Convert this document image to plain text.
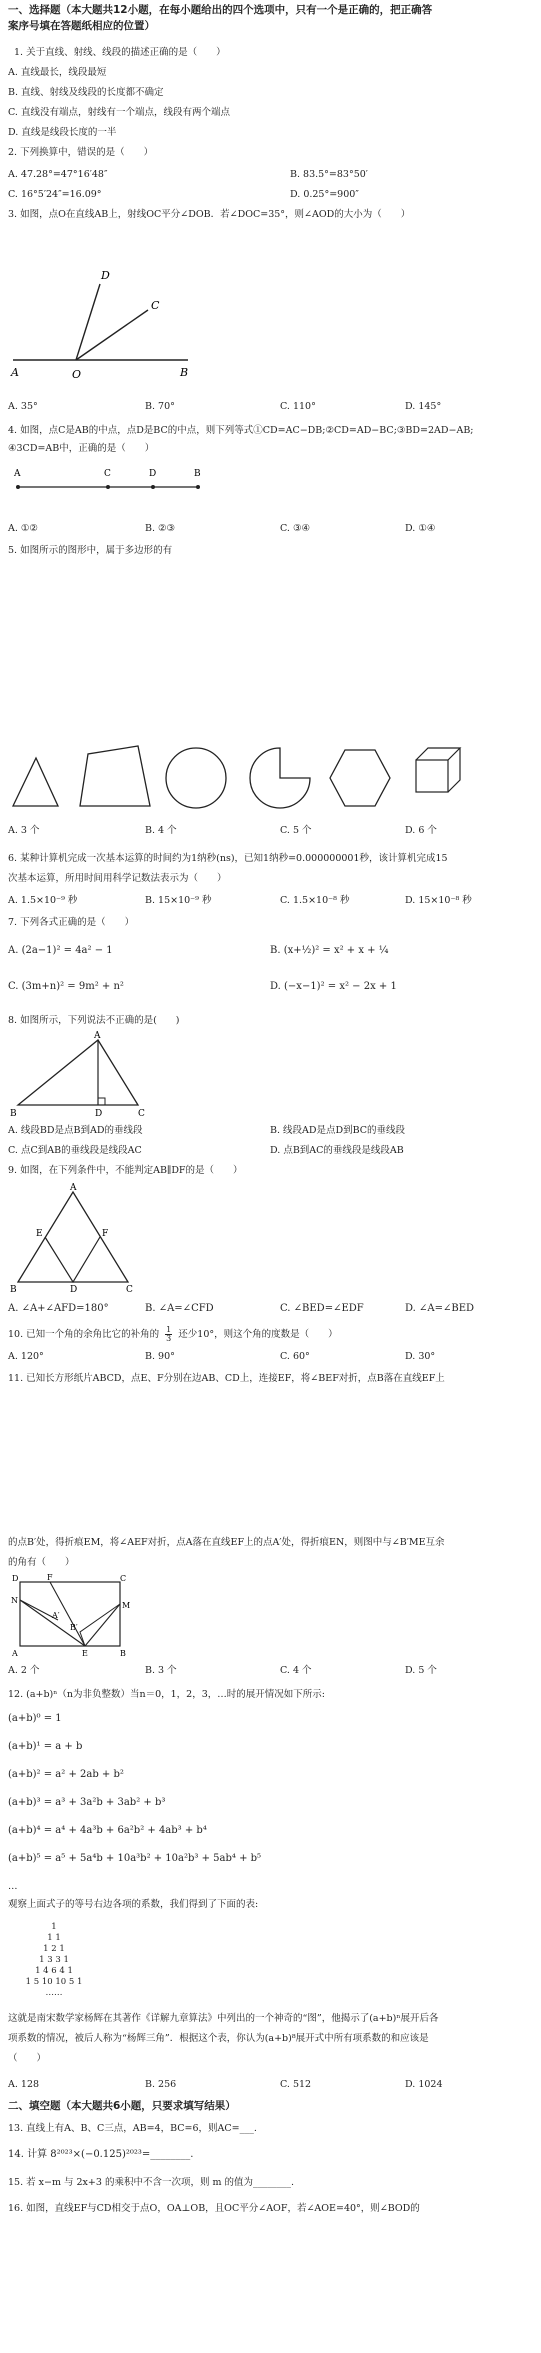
一、选择题（本大题共12小题，在每小题给出的四个选项中，只有一个是正确的，把正确答
案序号填在答题纸相应的位置）
1. 关于直线、射线、线段的描述正确的是（　　）
A. 直线最长，线段最短
B. 直线、射线及线段的长度都不确定
C. 直线没有端点，射线有一个端点，线段有两个端点
D. 直线是线段长度的一半
2. 下列换算中，错误的是（　　）
A. 47.28°=47°16′48″	B. 83.5°=83°50′
C. 16°5′24″=16.09°	D. 0.25°=900″
3. 如图，点O在直线AB上，射线OC平分∠DOB．若∠DOC=35°，则∠AOD的大小为（　　）
D
C
A	O	B
A. 35°	B. 70°	C. 110°	D. 145°
4. 如图，点C是AB的中点，点D是BC的中点，则下列等式①CD=AC−DB;②CD=AD−BC;③BD=2AD−AB;
④3CD=AB中，正确的是（　　）
A	C	D	B
A. ①②	B. ②③	C. ③④	D. ①④
5. 如图所示的图形中，属于多边形的有
A. 3 个	B. 4 个	C. 5 个	D. 6 个
6. 某种计算机完成一次基本运算的时间约为1纳秒(ns)，已知1纳秒=0.000000001秒，该计算机完成15
次基本运算，所用时间用科学记数法表示为（　　）
A. 1.5×10⁻⁹ 秒	B. 15×10⁻⁹ 秒	C. 1.5×10⁻⁸ 秒	D. 15×10⁻⁸ 秒
7. 下列各式正确的是（　　）
A. (2a−1)² = 4a² − 1	B. (x+½)² = x² + x + ¼
C. (3m+n)² = 9m² + n²	D. (−x−1)² = x² − 2x + 1
8. 如图所示，下列说法不正确的是(　　)
A
B	C
D
A. 线段BD是点B到AD的垂线段	B. 线段AD是点D到BC的垂线段
C. 点C到AB的垂线段是线段AC	D. 点B到AC的垂线段是线段AB
9. 如图，在下列条件中，不能判定AB∥DF的是（　　）
A
B	C
D
E	F
A. ∠A+∠AFD=180°	B. ∠A=∠CFD	C. ∠BED=∠EDF	D. ∠A=∠BED
10. 已知一个角的余角比它的补角的 $\frac{1}{3}$ 还少10°，则这个角的度数是（　　）
A. 120°	B. 90°	C. 60°	D. 30°
11. 已知长方形纸片ABCD，点E、F分别在边AB、CD上，连接EF，将∠BEF对折，点B落在直线EF上
的点B′处，得折痕EM，将∠AEF对折，点A落在直线EF上的点A′处，得折痕EN，则图中与∠B′ME互余
的角有（　　）
D	F	C
N
A′
B′
M
A	E	B
A. 2 个	B. 3 个	C. 4 个	D. 5 个
12. (a+b)ⁿ（n为非负整数）当n＝0，1，2，3，…时的展开情况如下所示:
(a+b)⁰ = 1
(a+b)¹ = a + b
(a+b)² = a² + 2ab + b²
(a+b)³ = a³ + 3a²b + 3ab² + b³
(a+b)⁴ = a⁴ + 4a³b + 6a²b² + 4ab³ + b⁴
(a+b)⁵ = a⁵ + 5a⁴b + 10a³b² + 10a²b³ + 5ab⁴ + b⁵
…
观察上面式子的等号右边各项的系数，我们得到了下面的表:
1
1 1
1 2 1
1 3 3 1
1 4 6 4 1
1 5 10 10 5 1
……
这就是南宋数学家杨辉在其著作《详解九章算法》中列出的一个神奇的“图”，他揭示了(a+b)ⁿ展开后各
项系数的情况，被后人称为“杨辉三角”．根据这个表，你认为(a+b)⁸展开式中所有项系数的和应该是
（　　）
A. 128	B. 256	C. 512	D. 1024
二、填空题（本大题共6小题，只要求填写结果）
13. 直线上有A、B、C三点，AB=4，BC=6，则AC=___.
14. 计算 8²⁰²³×(−0.125)²⁰²³=________.
15. 若 x−m 与 2x+3 的乘积中不含一次项，则 m 的值为________.
16. 如图，直线EF与CD相交于点O，OA⊥OB，且OC平分∠AOF，若∠AOE=40°，则∠BOD的
